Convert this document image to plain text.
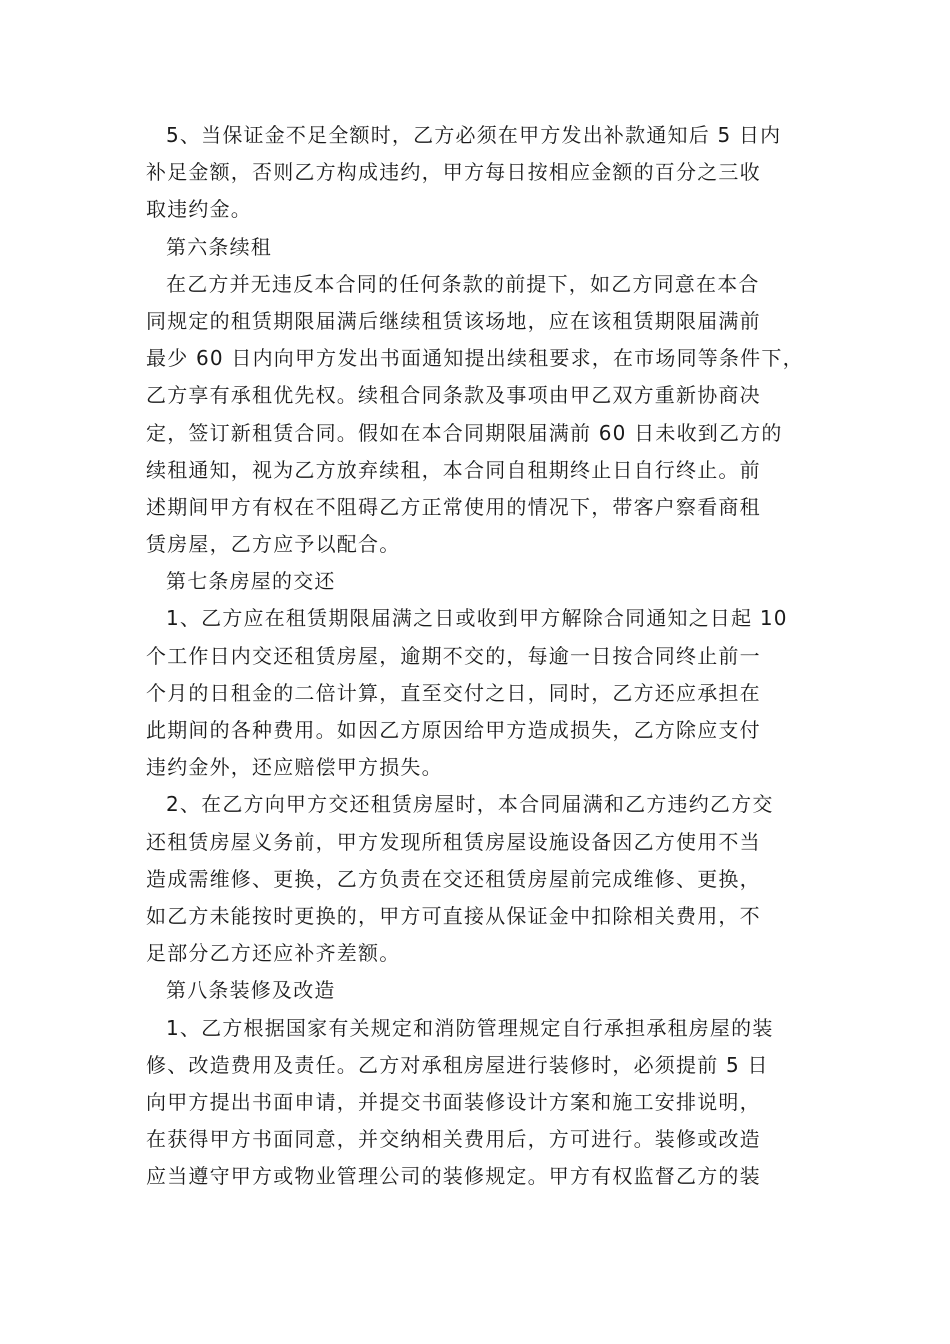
5、当保证金不足全额时，乙方必须在甲方发出补款通知后 5 日内
补足金额，否则乙方构成违约，甲方每日按相应金额的百分之三收
取违约金。
第六条续租
在乙方并无违反本合同的任何条款的前提下，如乙方同意在本合
同规定的租赁期限届满后继续租赁该场地，应在该租赁期限届满前
最少 60 日内向甲方发出书面通知提出续租要求，在市场同等条件下，
乙方享有承租优先权。续租合同条款及事项由甲乙双方重新协商决
定，签订新租赁合同。假如在本合同期限届满前 60 日未收到乙方的
续租通知，视为乙方放弃续租，本合同自租期终止日自行终止。前
述期间甲方有权在不阻碍乙方正常使用的情况下，带客户察看商租
赁房屋，乙方应予以配合。
第七条房屋的交还
1、乙方应在租赁期限届满之日或收到甲方解除合同通知之日起 10
个工作日内交还租赁房屋，逾期不交的，每逾一日按合同终止前一
个月的日租金的二倍计算，直至交付之日，同时，乙方还应承担在
此期间的各种费用。如因乙方原因给甲方造成损失，乙方除应支付
违约金外，还应赔偿甲方损失。
2、在乙方向甲方交还租赁房屋时，本合同届满和乙方违约乙方交
还租赁房屋义务前，甲方发现所租赁房屋设施设备因乙方使用不当
造成需维修、更换，乙方负责在交还租赁房屋前完成维修、更换，
如乙方未能按时更换的，甲方可直接从保证金中扣除相关费用，不
足部分乙方还应补齐差额。
第八条装修及改造
1、乙方根据国家有关规定和消防管理规定自行承担承租房屋的装
修、改造费用及责任。乙方对承租房屋进行装修时，必须提前 5 日
向甲方提出书面申请，并提交书面装修设计方案和施工安排说明，
在获得甲方书面同意，并交纳相关费用后，方可进行。装修或改造
应当遵守甲方或物业管理公司的装修规定。甲方有权监督乙方的装
